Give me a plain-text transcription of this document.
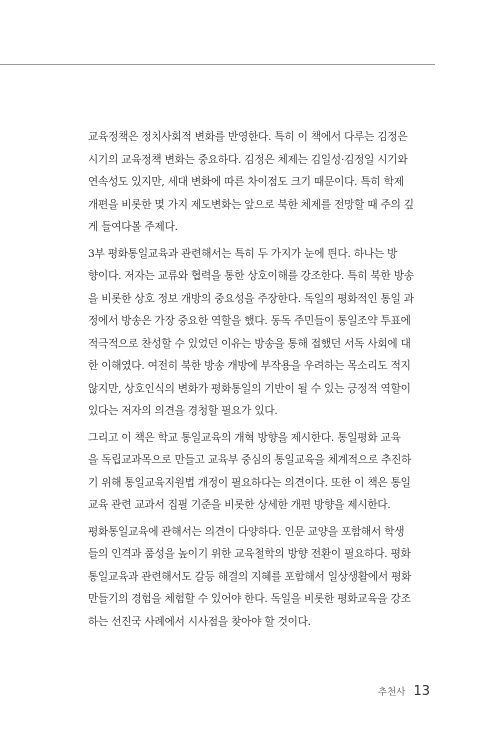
교육정책은 정치사회적 변화를 반영한다. 특히 이 책에서 다루는 김정은
시기의 교육정책 변화는 중요하다. 김정은 체제는 김일성·김정일 시기와
연속성도 있지만, 세대 변화에 따른 차이점도 크기 때문이다. 특히 학제
개편을 비롯한 몇 가지 제도변화는 앞으로 북한 체제를 전망할 때 주의 깊
게 들여다볼 주제다.
3부 평화통일교육과 관련해서는 특히 두 가지가 눈에 띈다. 하나는 방
향이다. 저자는 교류와 협력을 통한 상호이해를 강조한다. 특히 북한 방송
을 비롯한 상호 정보 개방의 중요성을 주장한다. 독일의 평화적인 통일 과
정에서 방송은 가장 중요한 역할을 했다. 동독 주민들이 통일조약 투표에
적극적으로 찬성할 수 있었던 이유는 방송을 통해 접했던 서독 사회에 대
한 이해였다. 여전히 북한 방송 개방에 부작용을 우려하는 목소리도 적지
않지만, 상호인식의 변화가 평화통일의 기반이 될 수 있는 긍정적 역할이
있다는 저자의 의견을 경청할 필요가 있다.
그리고 이 책은 학교 통일교육의 개혁 방향을 제시한다. 통일평화 교육
을 독립교과목으로 만들고 교육부 중심의 통일교육을 체계적으로 추진하
기 위해 통일교육지원법 개정이 필요하다는 의견이다. 또한 이 책은 통일
교육 관련 교과서 집필 기준을 비롯한 상세한 개편 방향을 제시한다.
평화통일교육에 관해서는 의견이 다양하다. 인문 교양을 포함해서 학생
들의 인격과 품성을 높이기 위한 교육철학의 방향 전환이 필요하다. 평화
통일교육과 관련해서도 갈등 해결의 지혜를 포함해서 일상생활에서 평화
만들기의 경험을 체험할 수 있어야 한다. 독일을 비롯한 평화교육을 강조
하는 선진국 사례에서 시사점을 찾아야 할 것이다.
추천사 13
